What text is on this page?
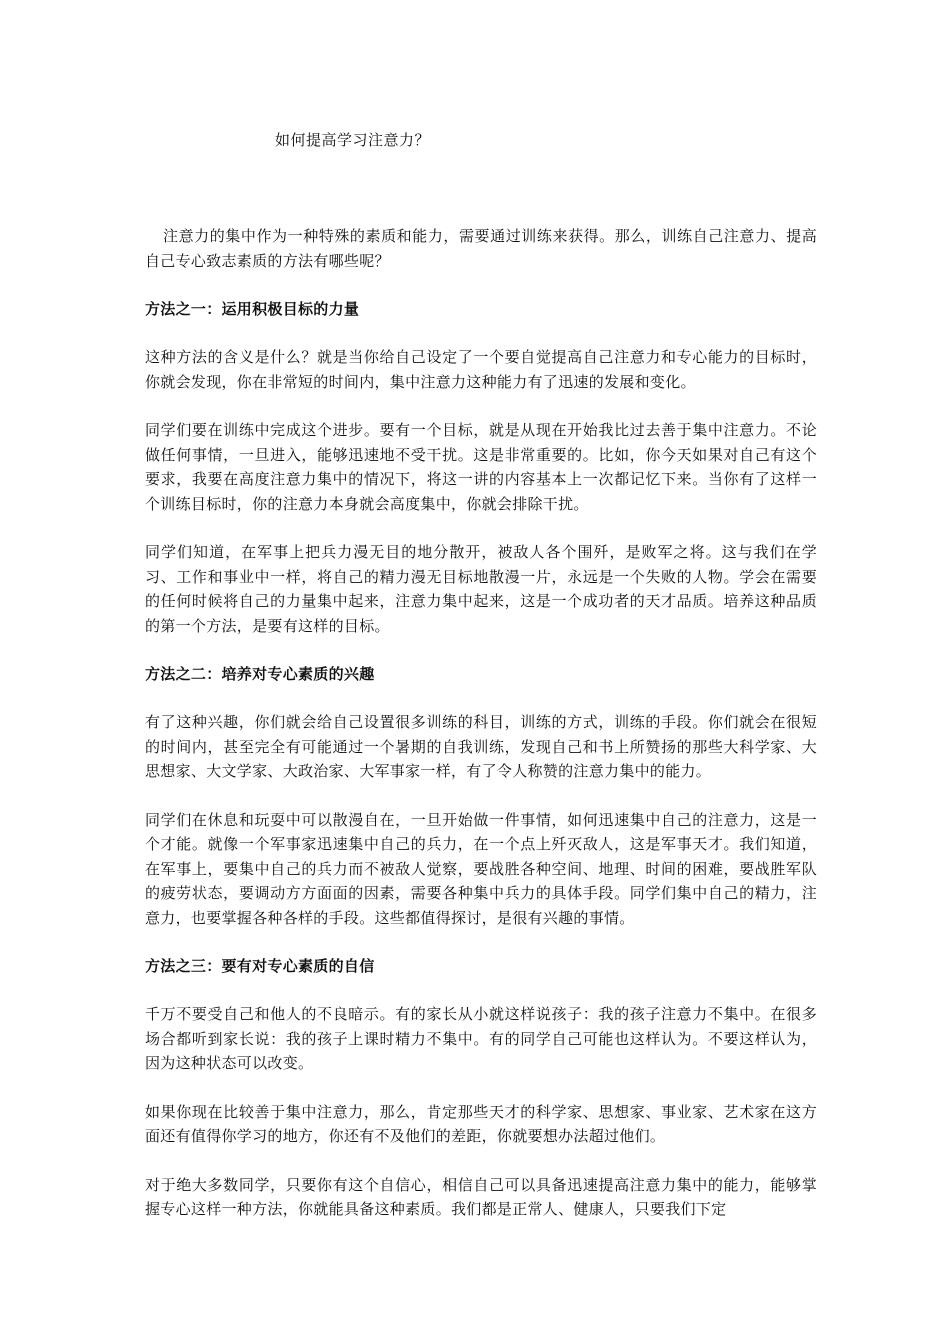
如何提高学习注意力？

注意力的集中作为一种特殊的素质和能力，需要通过训练来获得。那么，训练自己注意力、提高自己专心致志素质的方法有哪些呢？

方法之一：运用积极目标的力量

这种方法的含义是什么？就是当你给自己设定了一个要自觉提高自己注意力和专心能力的目标时，你就会发现，你在非常短的时间内，集中注意力这种能力有了迅速的发展和变化。

同学们要在训练中完成这个进步。要有一个目标，就是从现在开始我比过去善于集中注意力。不论做任何事情，一旦进入，能够迅速地不受干扰。这是非常重要的。比如，你今天如果对自己有这个要求，我要在高度注意力集中的情况下，将这一讲的内容基本上一次都记忆下来。当你有了这样一个训练目标时，你的注意力本身就会高度集中，你就会排除干扰。

同学们知道，在军事上把兵力漫无目的地分散开，被敌人各个围歼，是败军之将。这与我们在学习、工作和事业中一样，将自己的精力漫无目标地散漫一片，永远是一个失败的人物。学会在需要的任何时候将自己的力量集中起来，注意力集中起来，这是一个成功者的天才品质。培养这种品质的第一个方法，是要有这样的目标。

方法之二：培养对专心素质的兴趣

有了这种兴趣，你们就会给自己设置很多训练的科目，训练的方式，训练的手段。你们就会在很短的时间内，甚至完全有可能通过一个暑期的自我训练，发现自己和书上所赞扬的那些大科学家、大思想家、大文学家、大政治家、大军事家一样，有了令人称赞的注意力集中的能力。

同学们在休息和玩耍中可以散漫自在，一旦开始做一件事情，如何迅速集中自己的注意力，这是一个才能。就像一个军事家迅速集中自己的兵力，在一个点上歼灭敌人，这是军事天才。我们知道，在军事上，要集中自己的兵力而不被敌人觉察，要战胜各种空间、地理、时间的困难，要战胜军队的疲劳状态，要调动方方面面的因素，需要各种集中兵力的具体手段。同学们集中自己的精力，注意力，也要掌握各种各样的手段。这些都值得探讨，是很有兴趣的事情。

方法之三：要有对专心素质的自信

千万不要受自己和他人的不良暗示。有的家长从小就这样说孩子：我的孩子注意力不集中。在很多场合都听到家长说：我的孩子上课时精力不集中。有的同学自己可能也这样认为。不要这样认为，因为这种状态可以改变。

如果你现在比较善于集中注意力，那么，肯定那些天才的科学家、思想家、事业家、艺术家在这方面还有值得你学习的地方，你还有不及他们的差距，你就要想办法超过他们。

对于绝大多数同学，只要你有这个自信心，相信自己可以具备迅速提高注意力集中的能力，能够掌握专心这样一种方法，你就能具备这种素质。我们都是正常人、健康人，只要我们下定
